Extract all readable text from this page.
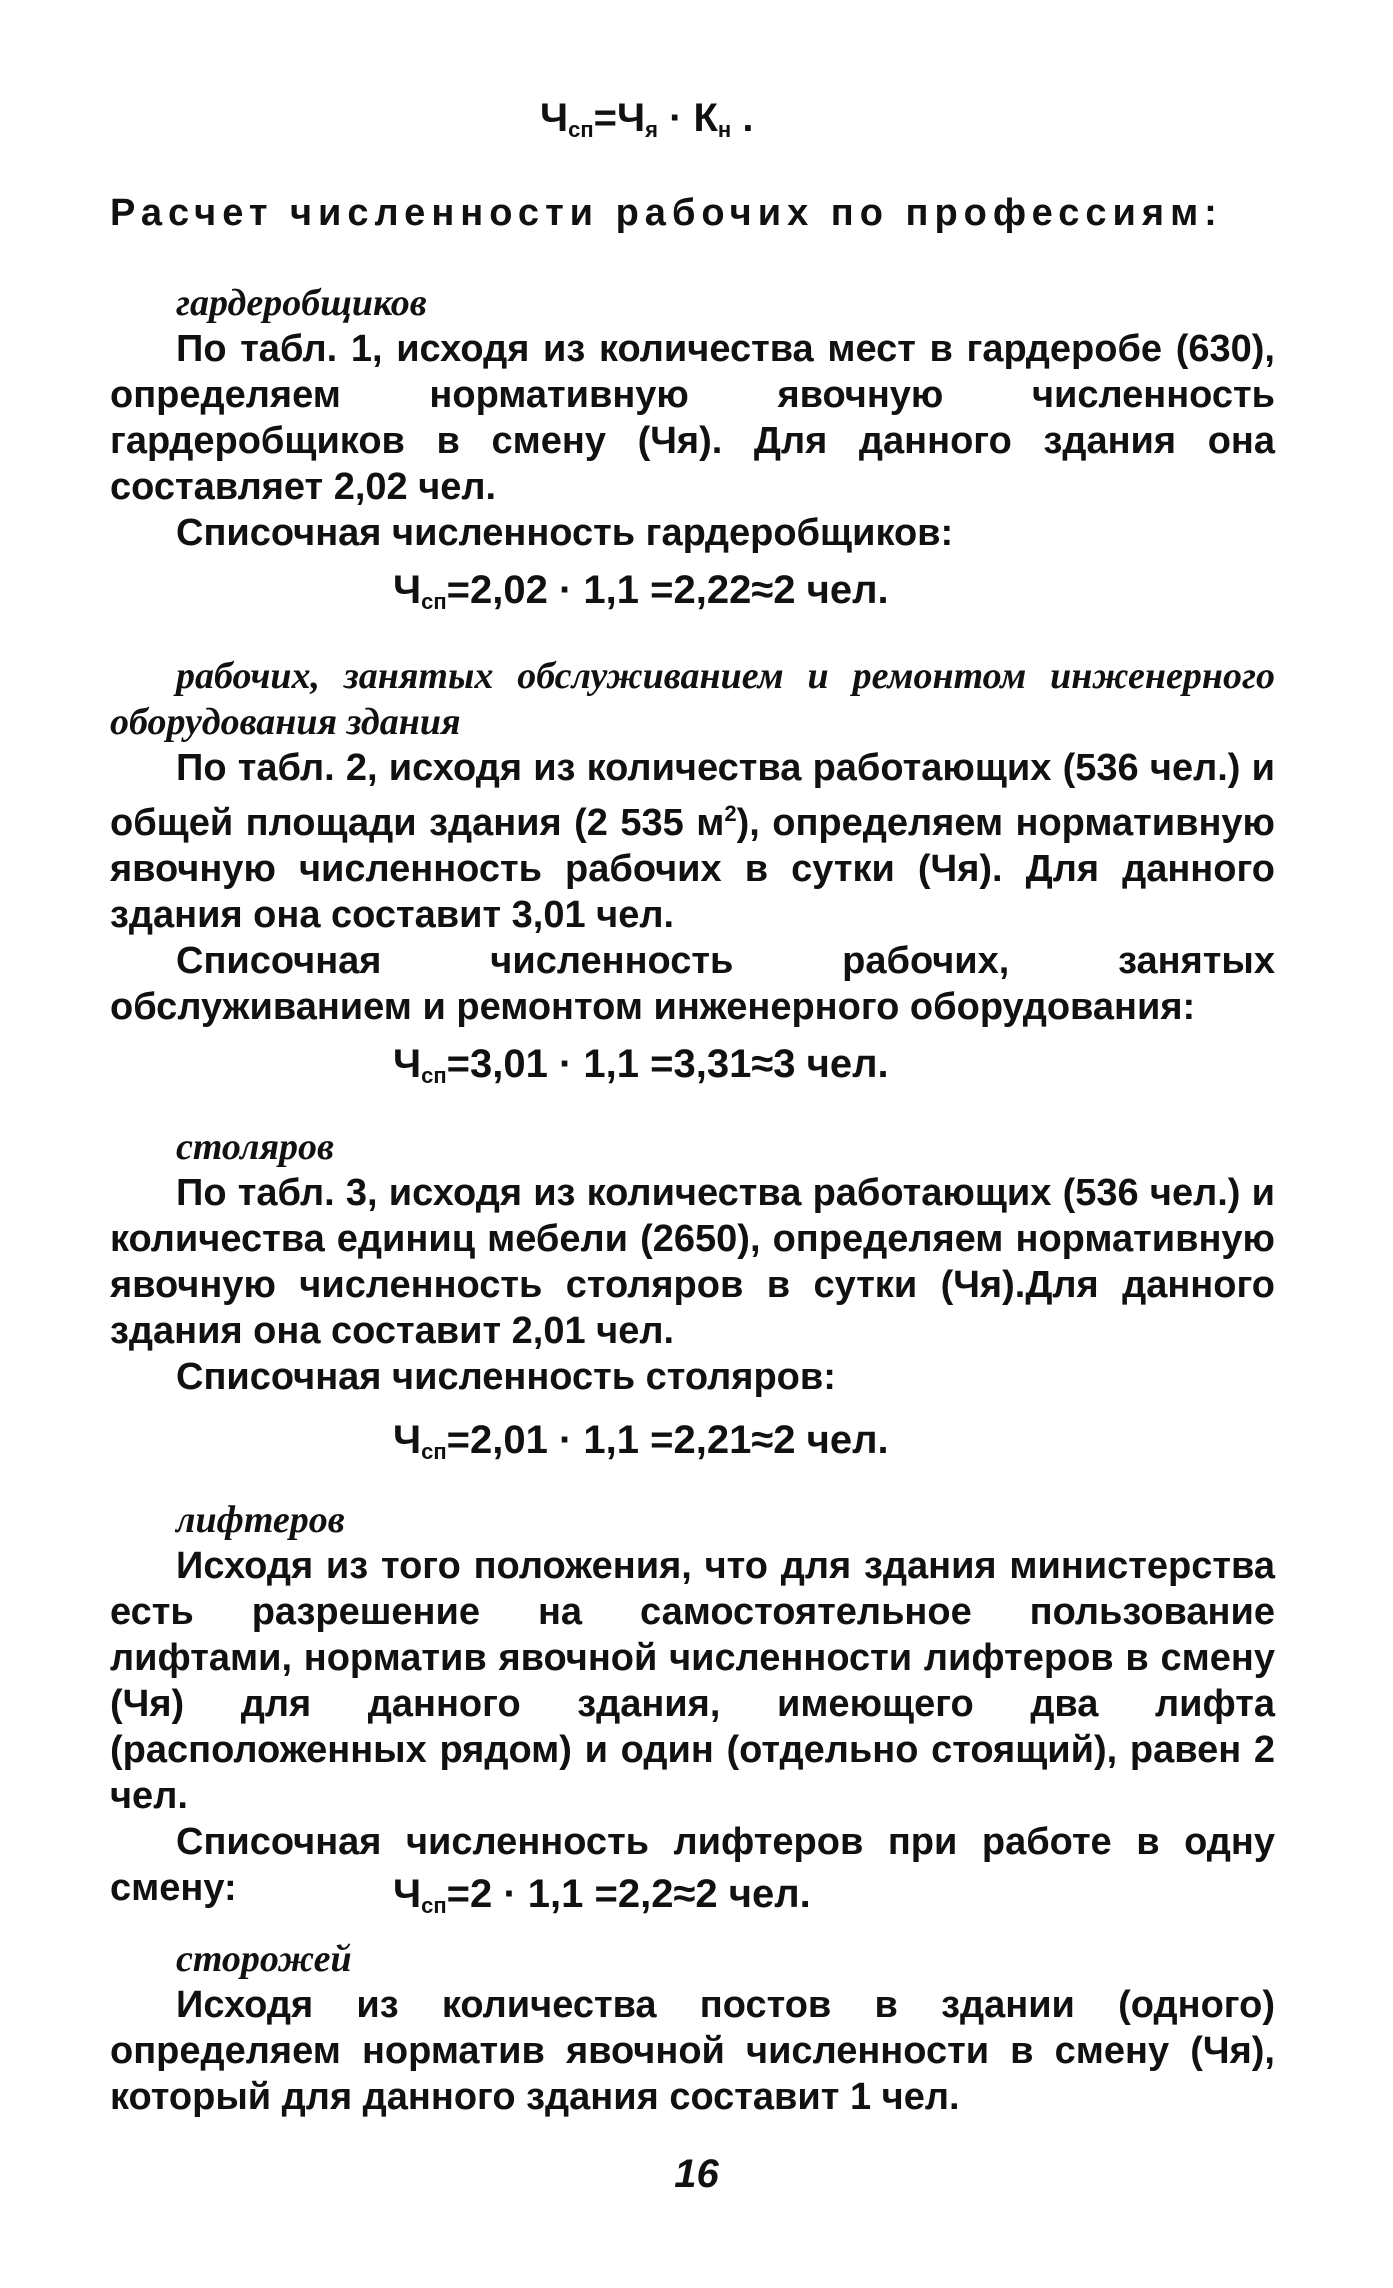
$Ч_{сп}=Ч_я \cdot К_н$ .

Расчет численности рабочих по профессиям:

гардеробщиков

По табл. 1, исходя из количества мест в гардеробе (630), определяем нормативную явочную численность гардеробщиков в смену (Чя). Для данного здания она составляет 2,02 чел.

Списочная численность гардеробщиков:

$Ч_{сп}=2,02 \cdot 1,1 =2,22\approx 2$ чел.

рабочих, занятых обслуживанием и ремонтом инженерного оборудования здания

По табл. 2, исходя из количества работающих (536 чел.) и общей площади здания (2 535 $м^2$), определяем нормативную явочную численность рабочих в сутки (Чя). Для данного здания она составит 3,01 чел.

Списочная численность рабочих, занятых обслуживанием и ремонтом инженерного оборудования:

$Ч_{сп}=3,01 \cdot 1,1 =3,31\approx 3$ чел.

столяров

По табл. 3, исходя из количества работающих (536 чел.) и количества единиц мебели (2650), определяем нормативную явочную численность столяров в сутки (Чя).Для данного здания она составит 2,01 чел.

Списочная численность столяров:

$Ч_{сп}=2,01 \cdot 1,1 =2,21\approx 2$ чел.

лифтеров

Исходя из того положения, что для здания министерства есть разрешение на самостоятельное пользование лифтами, норматив явочной численности лифтеров в смену (Чя) для данного здания, имеющего два лифта (расположенных рядом) и один (отдельно стоящий), равен 2 чел.

Списочная численность лифтеров при работе в одну смену:	$Ч_{сп}=2 \cdot 1,1 =2,2\approx 2$ чел.

сторожей

Исходя из количества постов в здании (одного) определяем норматив явочной численности в смену (Чя), который для данного здания составит 1 чел.

16
